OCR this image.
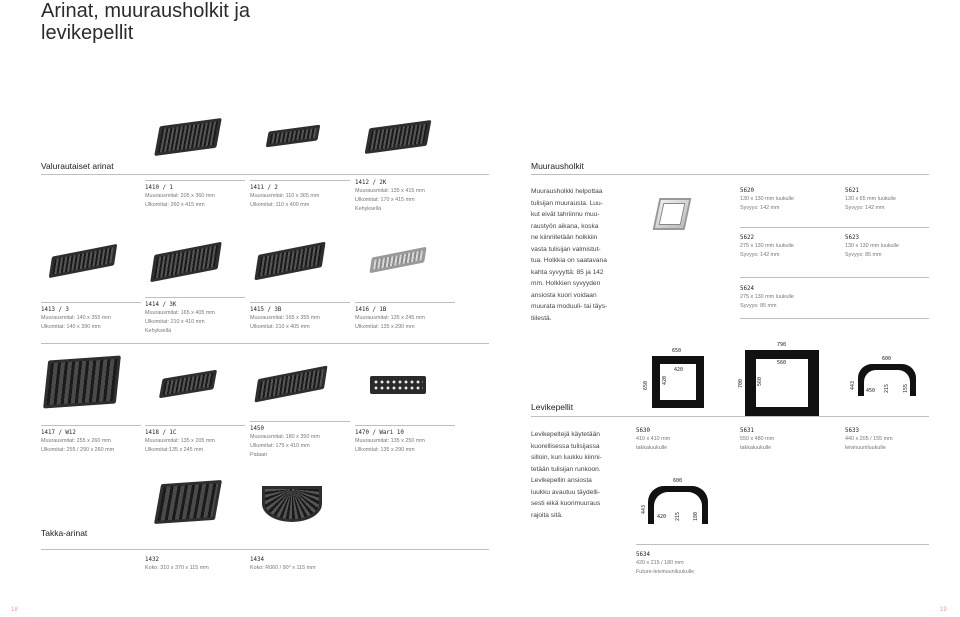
Arinat, muurausholkit ja levikepellit
Valurautaiset arinat
1410 / 1
Muurausmitat: 205 x 360 mm
Ulkomitat: 260 x 415 mm
1411 / 2
Muurausmitat: 110 x 365 mm
Ulkomitat: 110 x 400 mm
1412 / 2K
Muurausmitat: 135 x 415 mm
Ulkomitat: 170 x 415 mm
Kehyksellä
1413 / 3
Muurausmitat: 140 x 355 mm
Ulkomitat: 140 x 390 mm
1414 / 3K
Muurausmitat: 165 x 405 mm
Ulkomitat: 210 x 410 mm
Kehyksellä
1415 / 3B
Muurausmitat: 165 x 355 mm
Ulkomitat: 210 x 405 mm
1416 / 1B
Muurausmitat: 135 x 245 mm
Ulkomitat: 135 x 290 mm
1417 / W12
Muurausmitat: 255 x 260 mm
Ulkomitat: 255 / 290 x 260 mm
1418 / 1C
Muurausmitat: 135 x 205 mm
Ulkomitat:135 x 245 mm
1450
Muurausmitat: 180 x 350 mm
Ulkomitat: 175 x 410 mm
Pataan
1470 / Wari 10
Muurausmitat: 135 x 250 mm
Ulkomitat: 135 x 290 mm
Takka-arinat
1432
Koko: 310 x 370 x 115 mm
1434
Koko: R060 / 90° x 115 mm
Muurausholkit
Muurausholkki helpottaa
tulisijan muurausta. Luu-
kut eivät tahriinnu muu-
raustyön aikana, koska
ne kiinnitetään holkkiin
vasta tulisijan valmistut-
tua. Holkkia on saatavana
kahta syvyyttä: 85 ja 142
mm. Holkkien syvyyden
ansiosta kuori voidaan
muurata moduuli- tai täys-
tiilestä.
5620
130 x 130 mm luukulle
Syvyys: 142 mm
5621
130 x 65 mm luukulle
Syvyys: 142 mm
5622
275 x 130 mm luukulle
Syvyys: 142 mm
5623
130 x 130 mm luukulle
Syvyys: 85 mm
5624
275 x 130 mm luukulle
Syvyys: 85 mm
650
420
650
420
790
560
700	560
600
450 215	155
443
Levikepellit
Levikepeltejä käytetään
kuorellisessa tulisijassa
silloin, kun luukku kiinni-
tetään tulisijan runkoon.
Levikepellin ansiosta
luukku avautuu täydelli-
sesti eikä kuorimuuraus
rajoita sitä.
5630
410 x 410 mm
takkaluukulle
5631
550 x 480 mm
takkaluukulle
5633
440 x 205 / 155 mm
leivinuuniluukulle
600
420 215 180
443
5634
420 x 215 / 180 mm
Future-leivinuuniluukulle
18	19
